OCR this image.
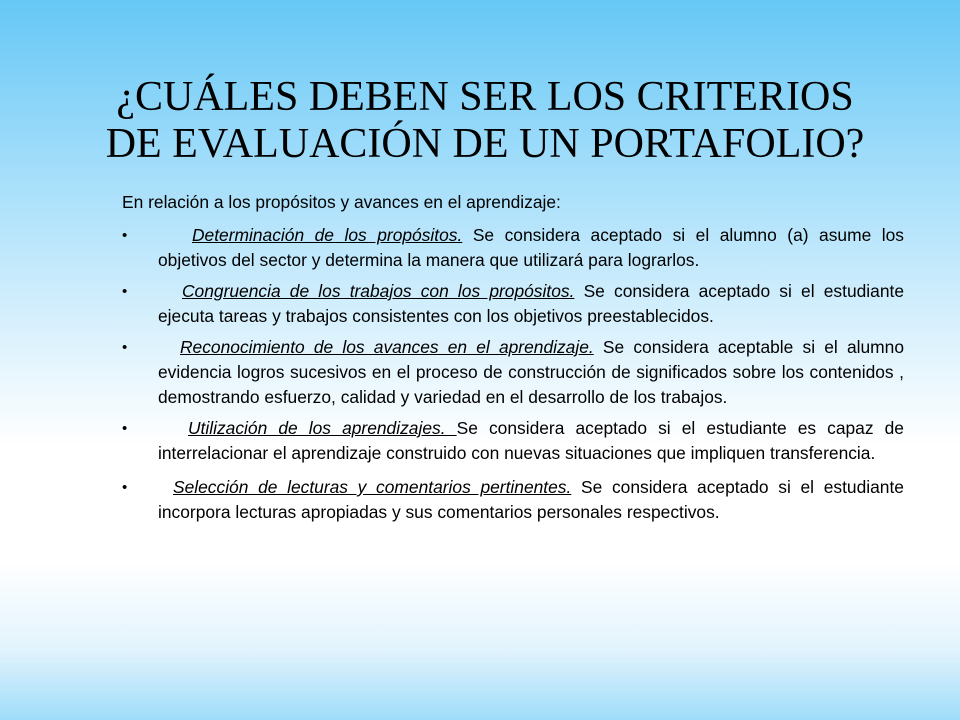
¿CUÁLES DEBEN SER LOS CRITERIOS
DE EVALUACIÓN DE UN PORTAFOLIO?

En relación a los propósitos y avances en el aprendizaje:

•	Determinación de los propósitos. Se considera aceptado si el alumno (a) asume los objetivos del sector y determina la manera que utilizará para lograrlos.
•	Congruencia de los trabajos con los propósitos. Se considera aceptado si el estudiante ejecuta tareas y trabajos consistentes con los objetivos preestablecidos.
•	Reconocimiento de los avances en el aprendizaje. Se considera aceptable si el alumno evidencia logros sucesivos en el proceso de construcción de significados sobre los contenidos , demostrando esfuerzo, calidad y variedad en el desarrollo de los trabajos.
•	Utilización de los aprendizajes. Se considera aceptado si el estudiante es capaz de interrelacionar el aprendizaje construido con nuevas situaciones que impliquen transferencia.
•	Selección de lecturas y comentarios pertinentes. Se considera aceptado si el estudiante incorpora lecturas apropiadas y sus comentarios personales respectivos.
